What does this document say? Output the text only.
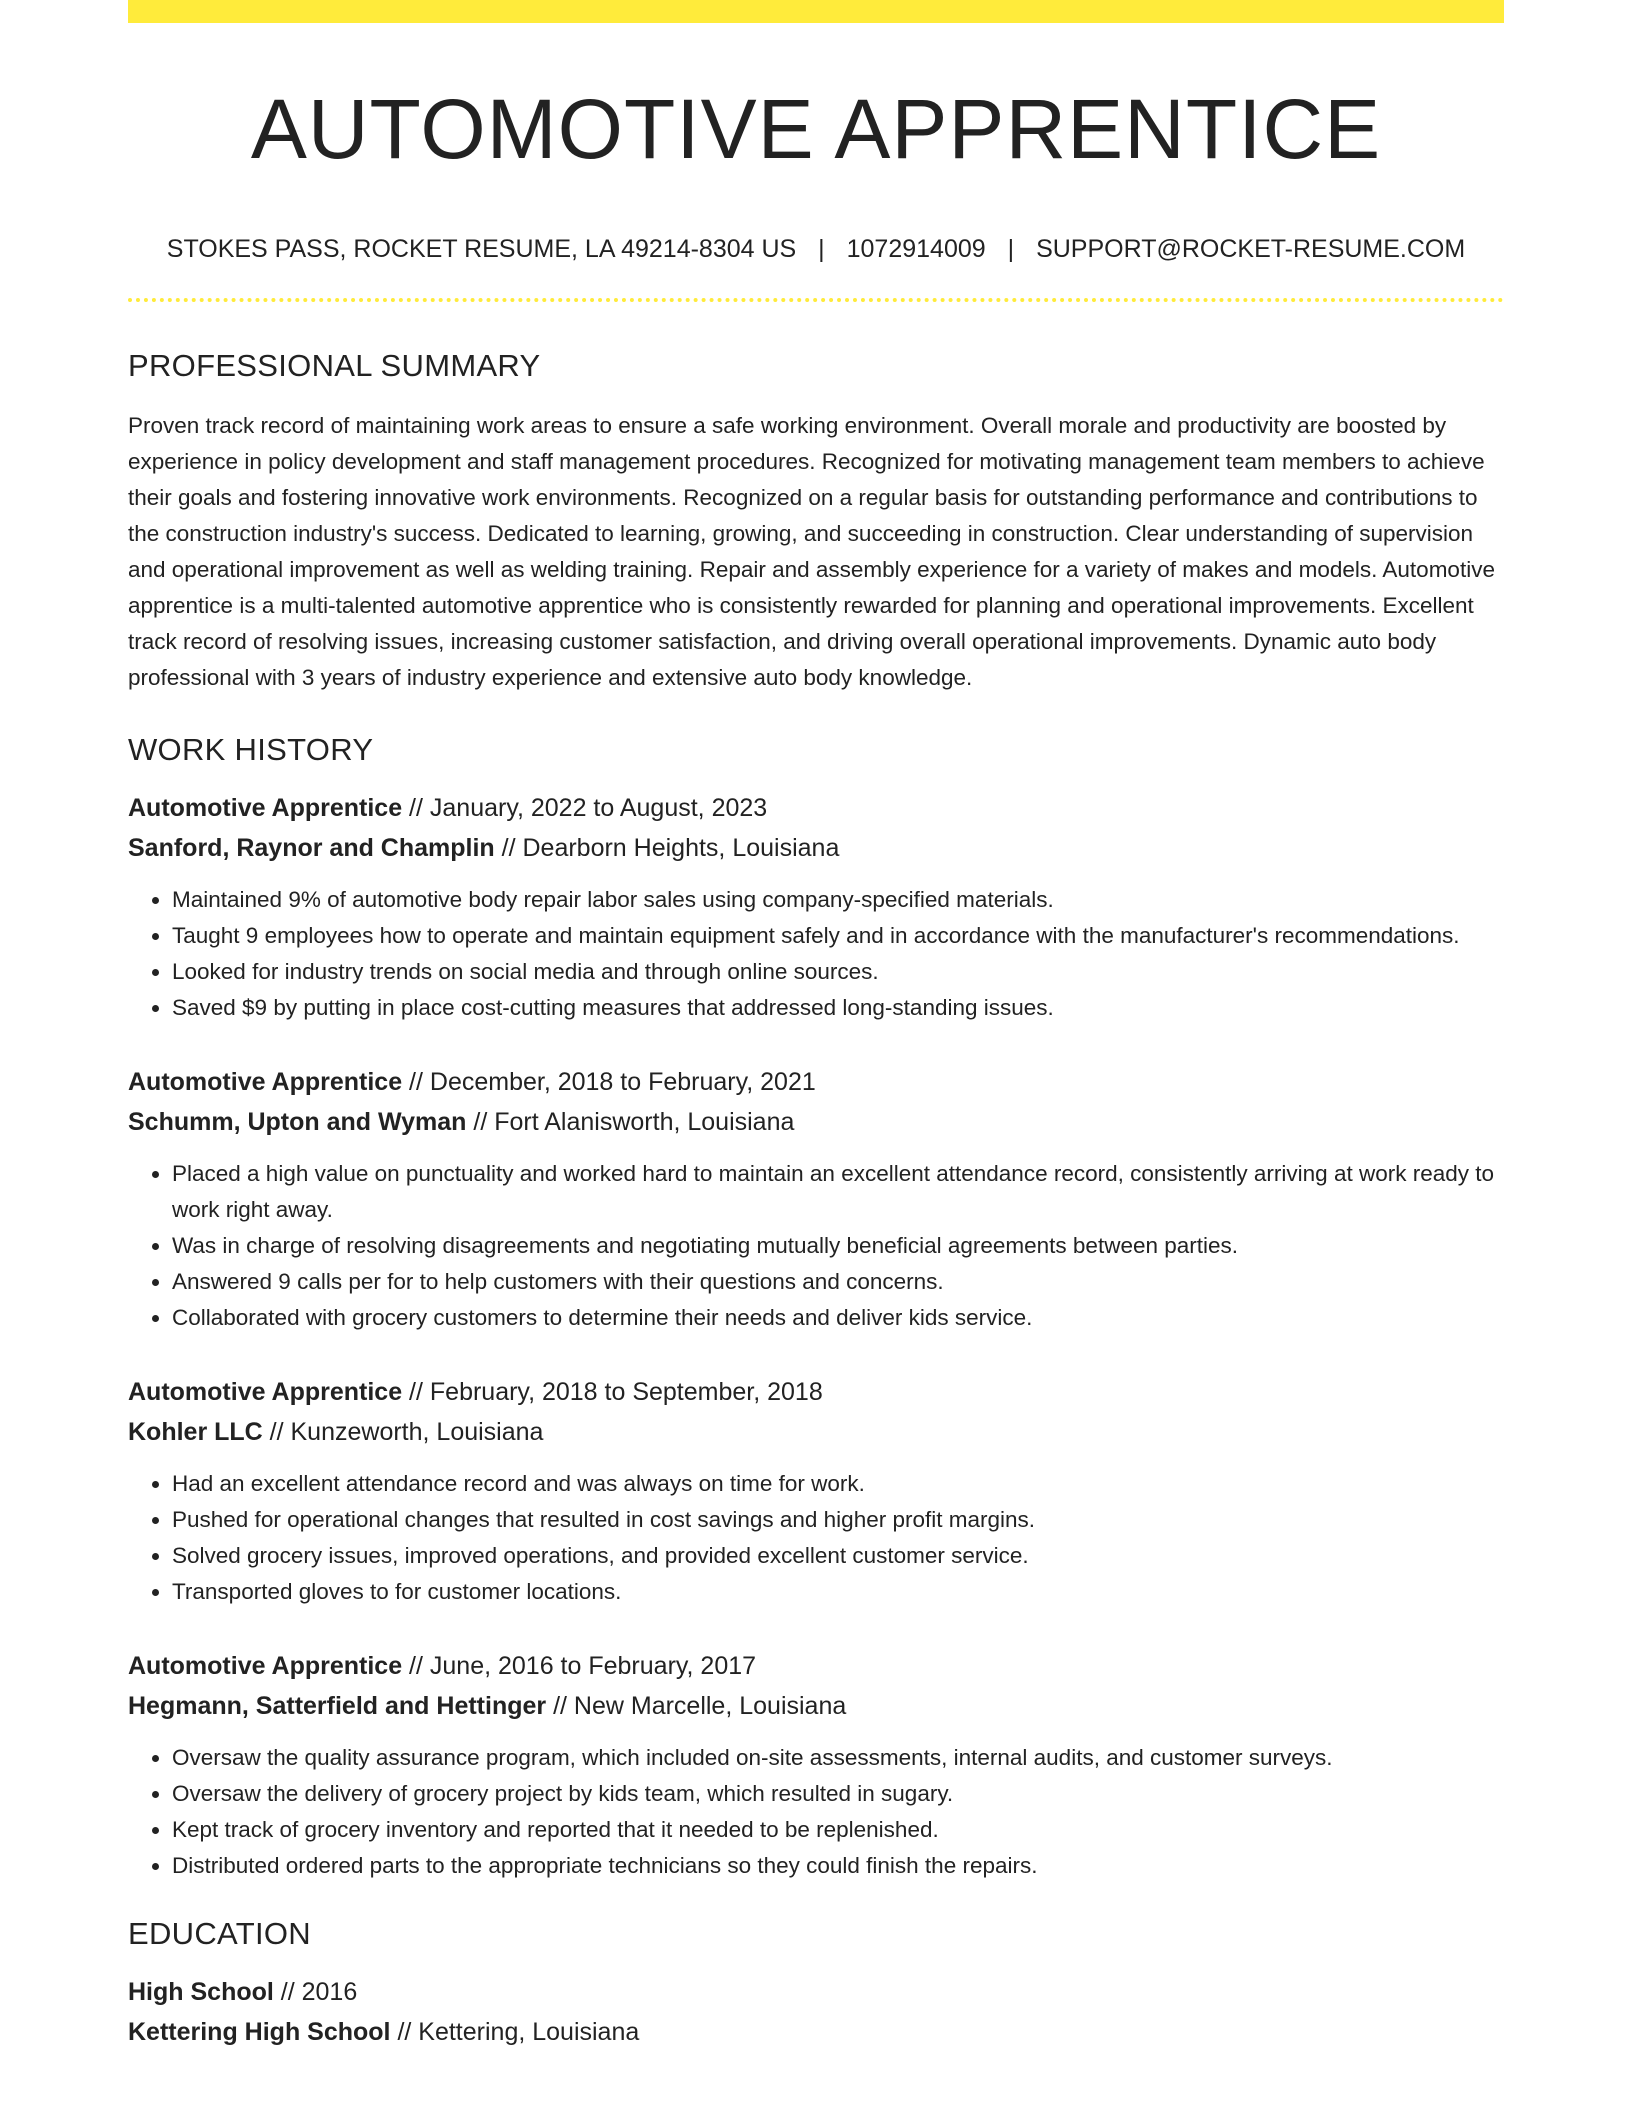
AUTOMOTIVE APPRENTICE
STOKES PASS, ROCKET RESUME, LA 49214-8304 US | 1072914009 | SUPPORT@ROCKET-RESUME.COM
PROFESSIONAL SUMMARY
Proven track record of maintaining work areas to ensure a safe working environment. Overall morale and productivity are boosted by experience in policy development and staff management procedures. Recognized for motivating management team members to achieve their goals and fostering innovative work environments. Recognized on a regular basis for outstanding performance and contributions to the construction industry's success. Dedicated to learning, growing, and succeeding in construction. Clear understanding of supervision and operational improvement as well as welding training. Repair and assembly experience for a variety of makes and models. Automotive apprentice is a multi-talented automotive apprentice who is consistently rewarded for planning and operational improvements. Excellent track record of resolving issues, increasing customer satisfaction, and driving overall operational improvements. Dynamic auto body professional with 3 years of industry experience and extensive auto body knowledge.
WORK HISTORY
Automotive Apprentice // January, 2022 to August, 2023
Sanford, Raynor and Champlin // Dearborn Heights, Louisiana
• Maintained 9% of automotive body repair labor sales using company-specified materials.
• Taught 9 employees how to operate and maintain equipment safely and in accordance with the manufacturer's recommendations.
• Looked for industry trends on social media and through online sources.
• Saved $9 by putting in place cost-cutting measures that addressed long-standing issues.
Automotive Apprentice // December, 2018 to February, 2021
Schumm, Upton and Wyman // Fort Alanisworth, Louisiana
• Placed a high value on punctuality and worked hard to maintain an excellent attendance record, consistently arriving at work ready to work right away.
• Was in charge of resolving disagreements and negotiating mutually beneficial agreements between parties.
• Answered 9 calls per for to help customers with their questions and concerns.
• Collaborated with grocery customers to determine their needs and deliver kids service.
Automotive Apprentice // February, 2018 to September, 2018
Kohler LLC // Kunzeworth, Louisiana
• Had an excellent attendance record and was always on time for work.
• Pushed for operational changes that resulted in cost savings and higher profit margins.
• Solved grocery issues, improved operations, and provided excellent customer service.
• Transported gloves to for customer locations.
Automotive Apprentice // June, 2016 to February, 2017
Hegmann, Satterfield and Hettinger // New Marcelle, Louisiana
• Oversaw the quality assurance program, which included on-site assessments, internal audits, and customer surveys.
• Oversaw the delivery of grocery project by kids team, which resulted in sugary.
• Kept track of grocery inventory and reported that it needed to be replenished.
• Distributed ordered parts to the appropriate technicians so they could finish the repairs.
EDUCATION
High School // 2016
Kettering High School // Kettering, Louisiana
